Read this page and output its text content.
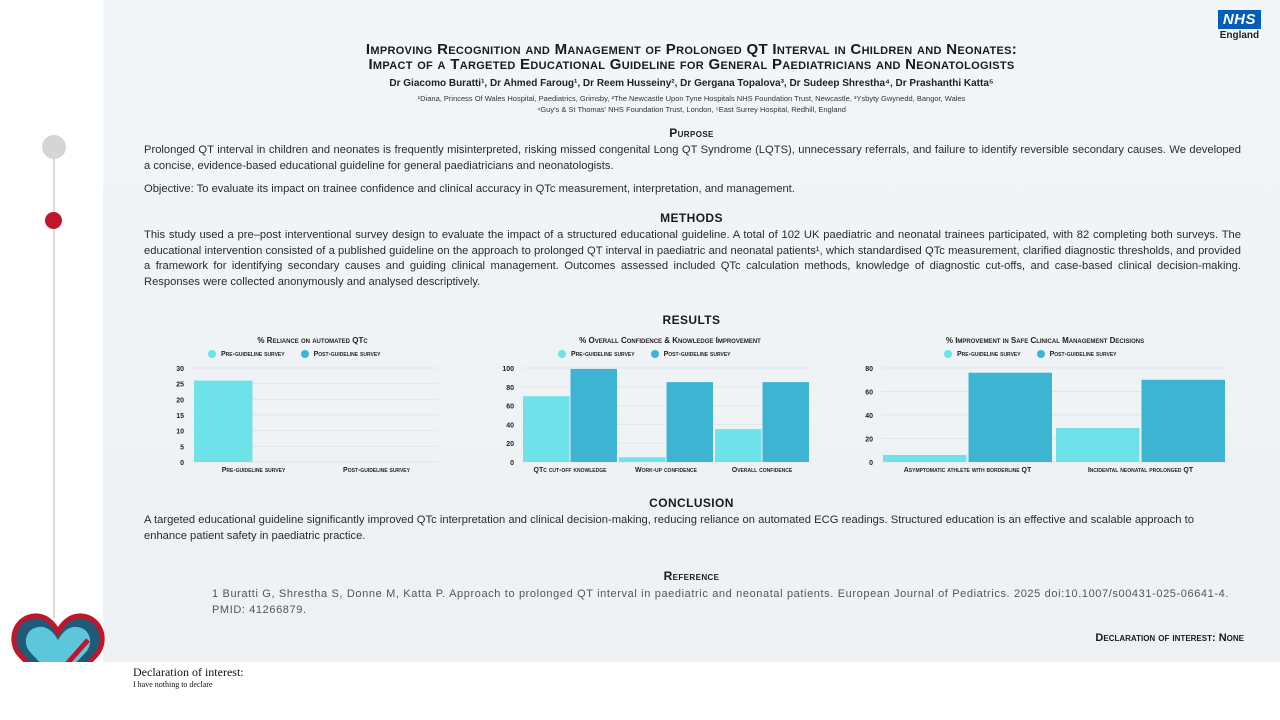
NHS
England
Improving Recognition and Management of Prolonged QT Interval in Children and Neonates:
Impact of a Targeted Educational Guideline for General Paediatricians and Neonatologists
Dr Giacomo Buratti¹, Dr Ahmed Faroug¹, Dr Reem Husseiny², Dr Gergana Topalova³, Dr Sudeep Shrestha⁴, Dr Prashanthi Katta⁵
¹Diana, Princess Of Wales Hospital, Paediatrics, Grimsby, ²The Newcastle Upon Tyne Hospitals NHS Foundation Trust, Newcastle, ³Ysbyty Gwynedd, Bangor, Wales
⁴Guy's & St Thomas' NHS Foundation Trust, London, ⁵East Surrey Hospital, Redhill, England
Purpose
Prolonged QT interval in children and neonates is frequently misinterpreted, risking missed congenital Long QT Syndrome (LQTS), unnecessary referrals, and failure to identify reversible secondary causes. We developed a concise, evidence-based educational guideline for general paediatricians and neonatologists.
Objective: To evaluate its impact on trainee confidence and clinical accuracy in QTc measurement, interpretation, and management.
METHODS
This study used a pre–post interventional survey design to evaluate the impact of a structured educational guideline. A total of 102 UK paediatric and neonatal trainees participated, with 82 completing both surveys. The educational intervention consisted of a published guideline on the approach to prolonged QT interval in paediatric and neonatal patients¹, which standardised QTc measurement, clarified diagnostic thresholds, and provided a framework for identifying secondary causes and guiding clinical management. Outcomes assessed included QTc calculation methods, knowledge of diagnostic cut-offs, and case-based clinical decision-making. Responses were collected anonymously and analysed descriptively.
RESULTS
% Reliance on automated QTc
Pre-guideline survey	Post-guideline survey
0
5
10
15
20
25
30
Pre-guideline survey	Post-guideline survey
% Overall Confidence & Knowledge Improvement
Pre-guideline survey	Post-guideline survey
0
20
40
60
80
100
QTc cut-off knowledge	Work-up confidence	Overall confidence
% Improvement in Safe Clinical Management Decisions
Pre-guideline survey	Post-guideline survey
0
20
40
60
80
Asymptomatic athlete with borderline QT	Incidental neonatal prolonged QT
CONCLUSION
A targeted educational guideline significantly improved QTc interpretation and clinical decision-making, reducing reliance on automated ECG readings. Structured education is an effective and scalable approach to enhance patient safety in paediatric practice.
Reference
1 Buratti G, Shrestha S, Donne M, Katta P. Approach to prolonged QT interval in paediatric and neonatal patients. European Journal of Pediatrics. 2025 doi:10.1007/s00431-025-06641-4. PMID: 41266879.
Declaration of interest: None
Declaration of interest:
I have nothing to declare
